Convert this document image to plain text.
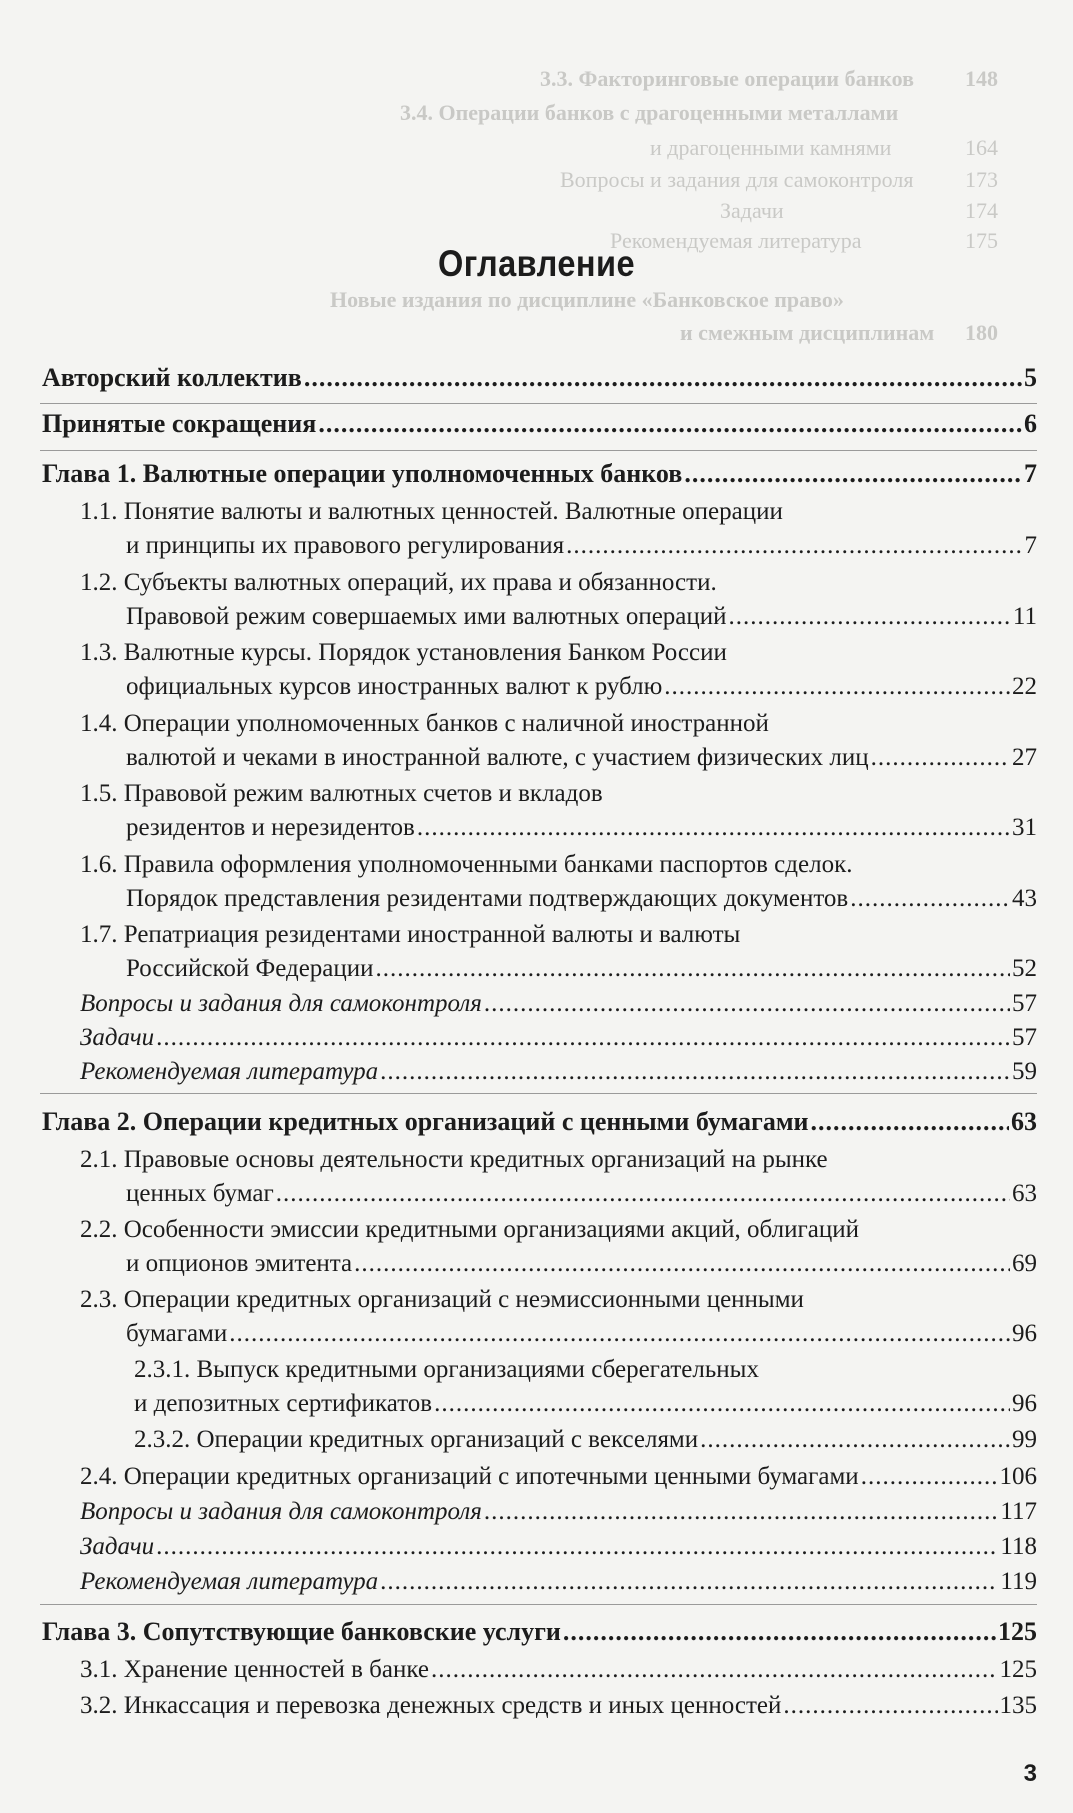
3.3. Факторинговые операции банков 148
3.4. Операции банков с драгоценными металлами
и драгоценными камнями	164
Вопросы и задания для самоконтроля 173
Задачи	174
Рекомендуемая литература	175
Новые издания по дисциплине «Банковское право»
и смежным дисциплинам 180
Оглавление
Авторский коллектив .....	5
Принятые сокращения .....	6
Глава 1. Валютные операции уполномоченных банков .....	7
1.1. Понятие валюты и валютных ценностей. Валютные операции
и принципы их правового регулирования .....	7
1.2. Субъекты валютных операций, их права и обязанности.
Правовой режим совершаемых ими валютных операций .....	11
1.3. Валютные курсы. Порядок установления Банком России
официальных курсов иностранных валют к рублю .....	22
1.4. Операции уполномоченных банков с наличной иностранной
валютой и чеками в иностранной валюте, с участием физических лиц .....	27
1.5. Правовой режим валютных счетов и вкладов
резидентов и нерезидентов .....	31
1.6. Правила оформления уполномоченными банками паспортов сделок.
Порядок представления резидентами подтверждающих документов .....	43
1.7. Репатриация резидентами иностранной валюты и валюты
Российской Федерации .....	52
Вопросы и задания для самоконтроля .....	57
Задачи .....	57
Рекомендуемая литература .....	59
Глава 2. Операции кредитных организаций с ценными бумагами .....	63
2.1. Правовые основы деятельности кредитных организаций на рынке
ценных бумаг .....	63
2.2. Особенности эмиссии кредитными организациями акций, облигаций
и опционов эмитента .....	69
2.3. Операции кредитных организаций с неэмиссионными ценными
бумагами .....	96
2.3.1. Выпуск кредитными организациями сберегательных
и депозитных сертификатов .....	96
2.3.2. Операции кредитных организаций с векселями .....	99
2.4. Операции кредитных организаций с ипотечными ценными бумагами .....	106
Вопросы и задания для самоконтроля .....	117
Задачи .....	118
Рекомендуемая литература .....	119
Глава 3. Сопутствующие банковские услуги .....	125
3.1. Хранение ценностей в банке .....	125
3.2. Инкассация и перевозка денежных средств и иных ценностей .....	135
3
